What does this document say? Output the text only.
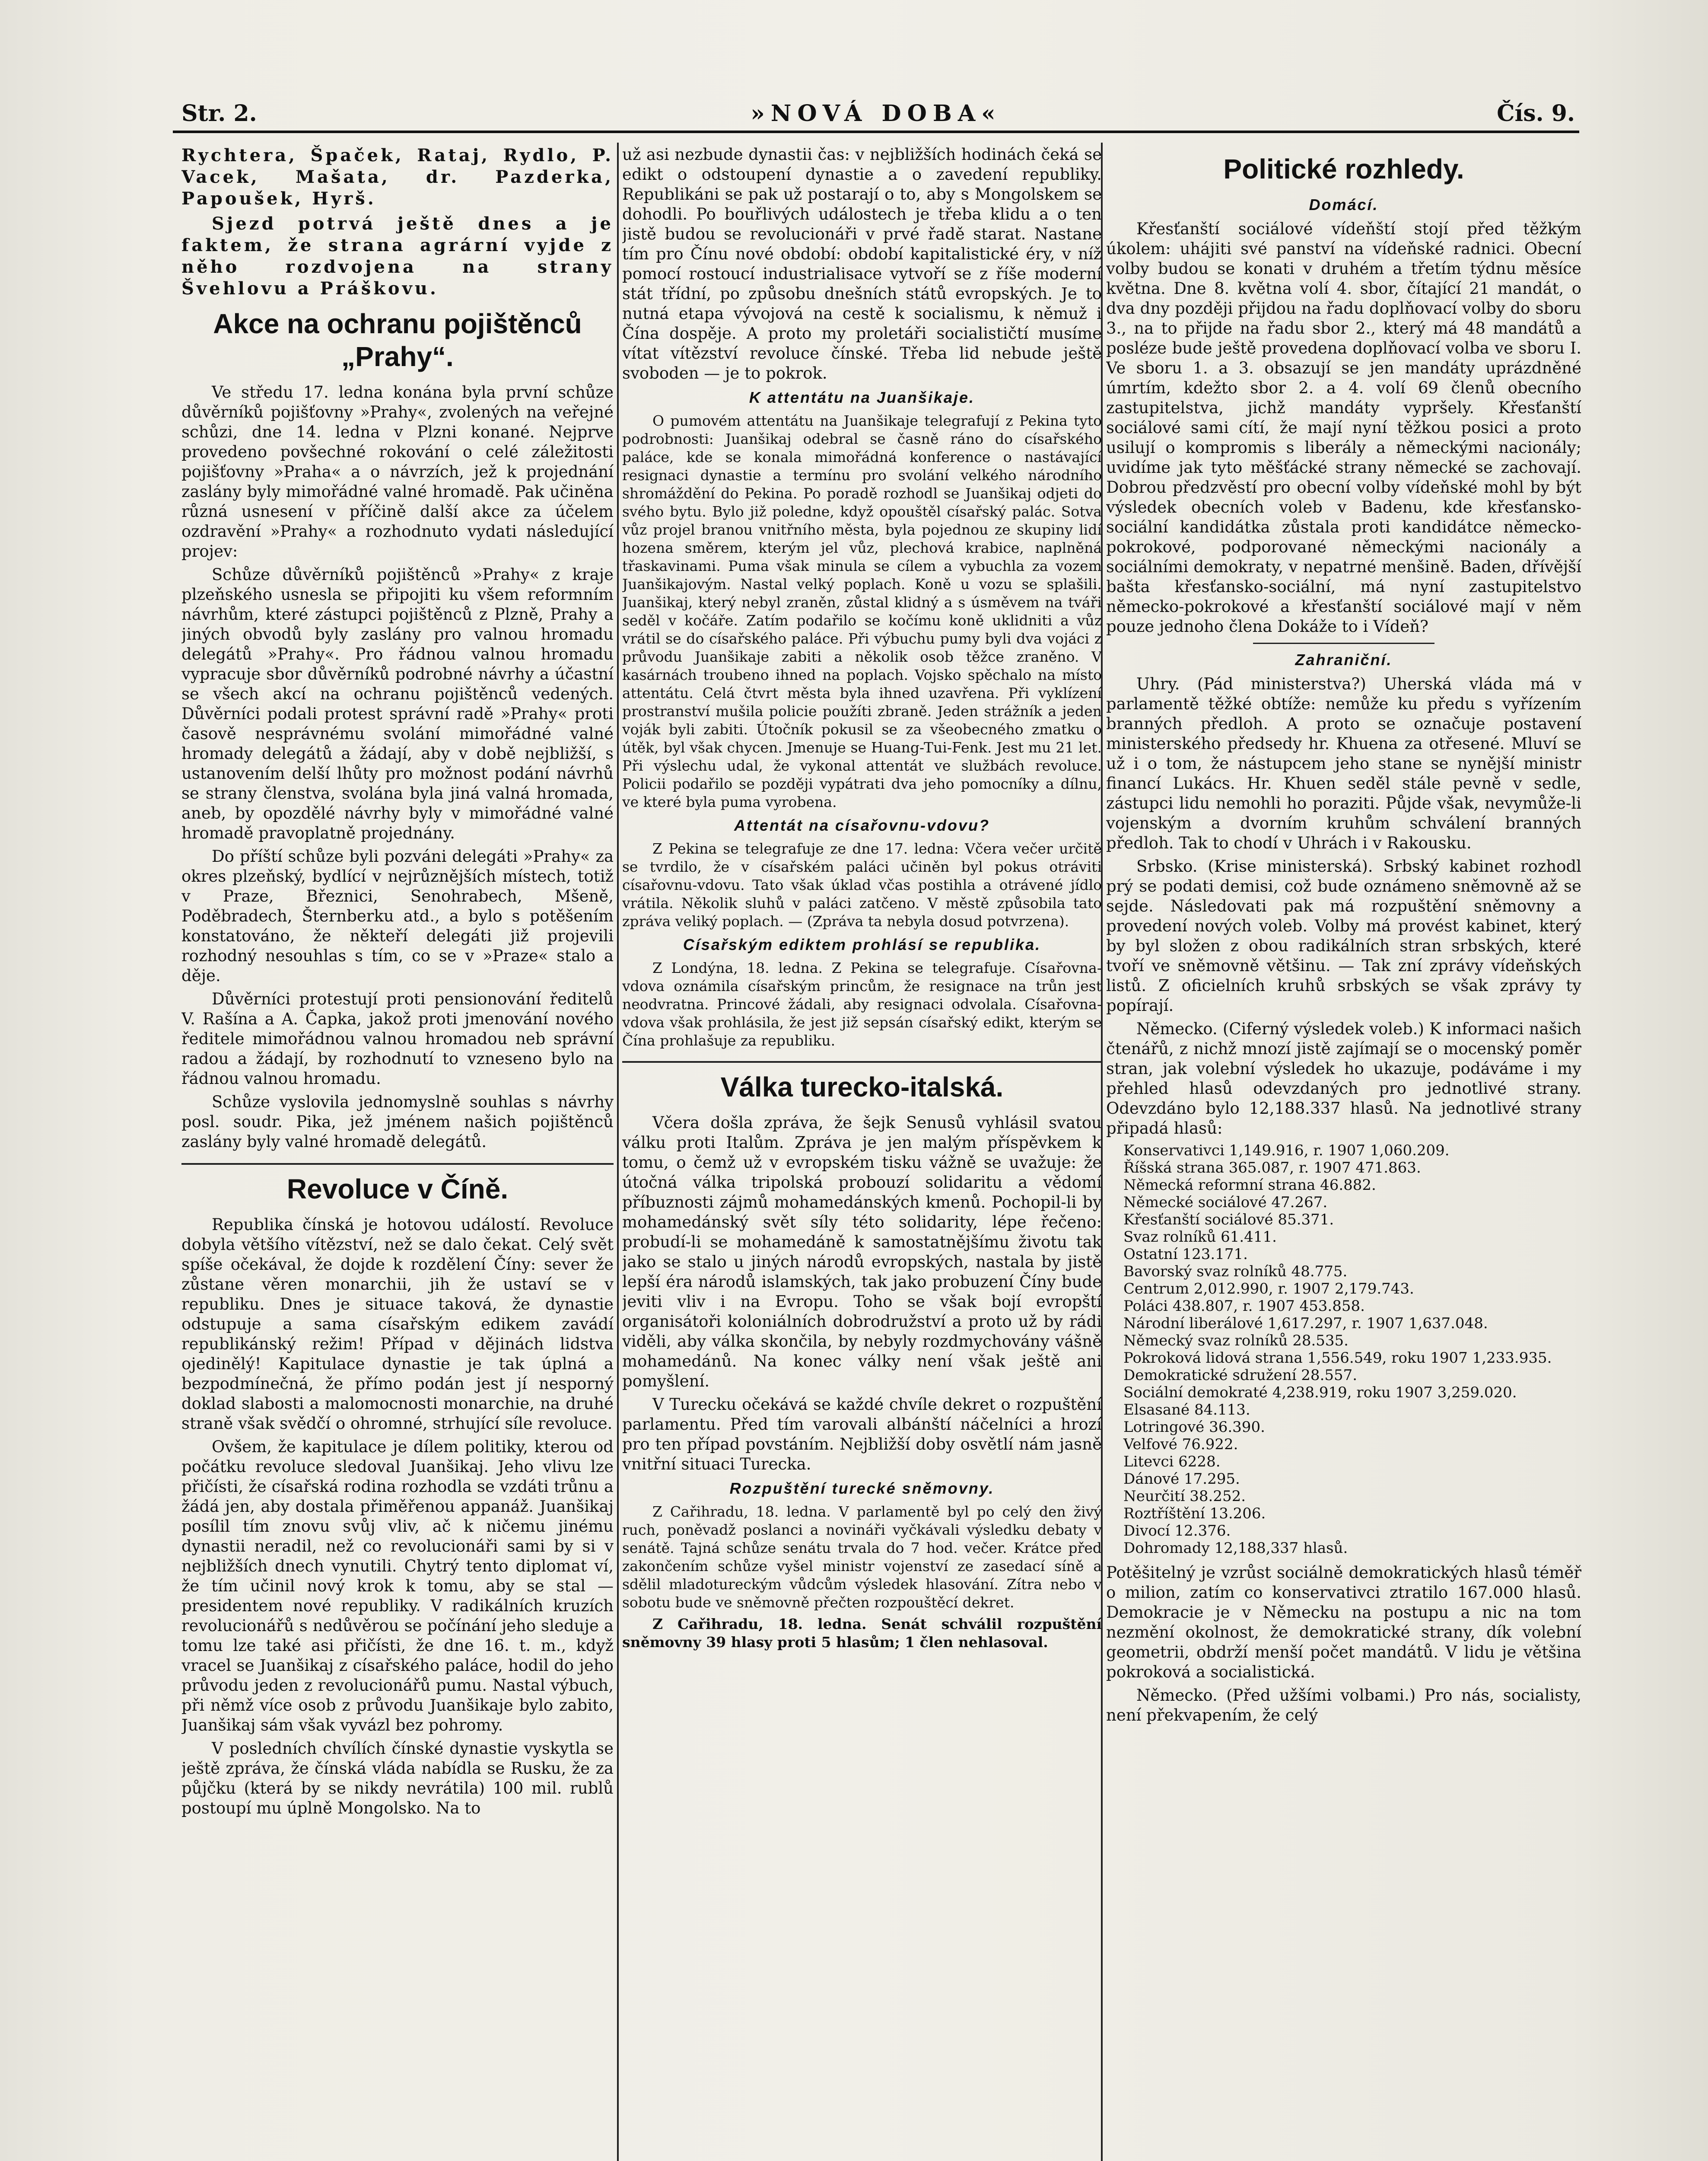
Str. 2.	»NOVÁ DOBA«	Čís. 9.

Rychtera, Špaček, Rataj, Rydlo, P. Vacek, Mašata, dr. Pazderka, Papoušek, Hyrš.

Sjezd potrvá ještě dnes a je faktem, že strana agrární vyjde z něho rozdvojena na strany Švehlovu a Práškovu.

Akce na ochranu pojištěnců „Prahy“.

Ve středu 17. ledna konána byla první schůze důvěrníků pojišťovny »Prahy«, zvolených na veřejné schůzi, dne 14. ledna v Plzni konané. Nejprve provedeno povšechné rokování o celé záležitosti pojišťovny »Praha« a o návrzích, jež k projednání zaslány byly mimořádné valné hromadě. Pak učiněna různá usnesení v příčině další akce za účelem ozdravění »Prahy« a rozhodnuto vydati následující projev:

Schůze důvěrníků pojištěnců »Prahy« z kraje plzeňského usnesla se připojiti ku všem reformním návrhům, které zástupci pojištěnců z Plzně, Prahy a jiných obvodů byly zaslány pro valnou hromadu delegátů »Prahy«. Pro řádnou valnou hromadu vypracuje sbor důvěrníků podrobné návrhy a účastní se všech akcí na ochranu pojištěnců vedených. Důvěrníci podali protest správní radě »Prahy« proti časově nesprávnému svolání mimořádné valné hromady delegátů a žádají, aby v době nejbližší, s ustanovením delší lhůty pro možnost podání návrhů se strany členstva, svolána byla jiná valná hromada, aneb, by opozdělé návrhy byly v mimořádné valné hromadě pravoplatně projednány.

Do příští schůze byli pozváni delegáti »Prahy« za okres plzeňský, bydlící v nejrůznějších místech, totiž v Praze, Březnici, Senohrabech, Mšeně, Poděbradech, Šternberku atd., a bylo s potěšením konstatováno, že někteří delegáti již projevili rozhodný nesouhlas s tím, co se v »Praze« stalo a děje.

Důvěrníci protestují proti pensionování ředitelů V. Rašína a A. Čapka, jakož proti jmenování nového ředitele mimořádnou valnou hromadou neb správní radou a žádají, by rozhodnutí to vzneseno bylo na řádnou valnou hromadu.

Schůze vyslovila jednomyslně souhlas s návrhy posl. soudr. Pika, jež jménem našich pojištěnců zaslány byly valné hromadě delegátů.

Revoluce v Číně.

Republika čínská je hotovou událostí. Revoluce dobyla většího vítězství, než se dalo čekat. Celý svět spíše očekával, že dojde k rozdělení Číny: sever že zůstane věren monarchii, jih že ustaví se v republiku. Dnes je situace taková, že dynastie odstupuje a sama císařským edikem zavádí republikánský režim! Případ v dějinách lidstva ojedinělý! Kapitulace dynastie je tak úplná a bezpodmínečná, že přímo podán jest jí nesporný doklad slabosti a malomocnosti monarchie, na druhé straně však svědčí o ohromné, strhující síle revoluce.

Ovšem, že kapitulace je dílem politiky, kterou od počátku revoluce sledoval Juanšikaj. Jeho vlivu lze přičísti, že císařská rodina rozhodla se vzdáti trůnu a žádá jen, aby dostala přiměřenou appanáž. Juanšikaj posílil tím znovu svůj vliv, ač k ničemu jinému dynastii neradil, než co revolucionáři sami by si v nejbližších dnech vynutili. Chytrý tento diplomat ví, že tím učinil nový krok k tomu, aby se stal — presidentem nové republiky. V radikálních kruzích revolucionářů s nedůvěrou se počínání jeho sleduje a tomu lze také asi přičísti, že dne 16. t. m., když vracel se Juanšikaj z císařského paláce, hodil do jeho průvodu jeden z revolucionářů pumu. Nastal výbuch, při němž více osob z průvodu Juanšikaje bylo zabito, Juanšikaj sám však vyvázl bez pohromy.

V posledních chvílích čínské dynastie vyskytla se ještě zpráva, že čínská vláda nabídla se Rusku, že za půjčku (která by se nikdy nevrátila) 100 mil. rublů postoupí mu úplně Mongolsko. Na to

už asi nezbude dynastii čas: v nejbližších hodinách čeká se edikt o odstoupení dynastie a o zavedení republiky. Republikáni se pak už postarají o to, aby s Mongolskem se dohodli. Po bouřlivých událostech je třeba klidu a o ten jistě budou se revolucionáři v prvé řadě starat. Nastane tím pro Čínu nové období: období kapitalistické éry, v níž pomocí rostoucí industrialisace vytvoří se z říše moderní stát třídní, po způsobu dnešních států evropských. Je to nutná etapa vývojová na cestě k socialismu, k němuž i Čína dospěje. A proto my proletáři socialističtí musíme vítat vítězství revoluce čínské. Třeba lid nebude ještě svoboden — je to pokrok.

K attentátu na Juanšikaje.

O pumovém attentátu na Juanšikaje telegrafují z Pekina tyto podrobnosti: Juanšikaj odebral se časně ráno do císařského paláce, kde se konala mimořádná konference o nastávající resignaci dynastie a termínu pro svolání velkého národního shromáždění do Pekina. Po poradě rozhodl se Juanšikaj odjeti do svého bytu. Bylo již poledne, když opouštěl císařský palác. Sotva vůz projel branou vnitřního města, byla pojednou ze skupiny lidí hozena směrem, kterým jel vůz, plechová krabice, naplněná třaskavinami. Puma však minula se cílem a vybuchla za vozem Juanšikajovým. Nastal velký poplach. Koně u vozu se splašili. Juanšikaj, který nebyl zraněn, zůstal klidný a s úsměvem na tváři seděl v kočáře. Zatím podařilo se kočímu koně uklidniti a vůz vrátil se do císařského paláce. Při výbuchu pumy byli dva vojáci z průvodu Juanšikaje zabiti a několik osob těžce zraněno. V kasárnách troubeno ihned na poplach. Vojsko spěchalo na místo attentátu. Celá čtvrt města byla ihned uzavřena. Při vyklízení prostranství mušila policie použíti zbraně. Jeden strážník a jeden voják byli zabiti. Útočník pokusil se za všeobecného zmatku o útěk, byl však chycen. Jmenuje se Huang-Tui-Fenk. Jest mu 21 let. Při výslechu udal, že vykonal attentát ve službách revoluce. Policii podařilo se později vypátrati dva jeho pomocníky a dílnu, ve které byla puma vyrobena.

Attentát na císařovnu-vdovu?

Z Pekina se telegrafuje ze dne 17. ledna: Včera večer určitě se tvrdilo, že v císařském paláci učiněn byl pokus otráviti císařovnu-vdovu. Tato však úklad včas postihla a otrávené jídlo vrátila. Několik sluhů v paláci zatčeno. V městě způsobila tato zpráva veliký poplach. — (Zpráva ta nebyla dosud potvrzena).

Císařským ediktem prohlásí se republika.

Z Londýna, 18. ledna. Z Pekina se telegrafuje. Císařovna-vdova oznámila císařským princům, že resignace na trůn jest neodvratna. Princové žádali, aby resignaci odvolala. Císařovna-vdova však prohlásila, že jest již sepsán císařský edikt, kterým se Čína prohlašuje za republiku.

Válka turecko-italská.

Včera došla zpráva, že šejk Senusů vyhlásil svatou válku proti Italům. Zpráva je jen malým příspěvkem k tomu, o čemž už v evropském tisku vážně se uvažuje: že útočná válka tripolská probouzí solidaritu a vědomí příbuznosti zájmů mohamedánských kmenů. Pochopil-li by mohamedánský svět síly této solidarity, lépe řečeno: probudí-li se mohamedáně k samostatnějšímu životu tak jako se stalo u jiných národů evropských, nastala by jistě lepší éra národů islamských, tak jako probuzení Číny bude jeviti vliv i na Evropu. Toho se však bojí evropští organisátoři koloniálních dobrodružství a proto už by rádi viděli, aby válka skončila, by nebyly rozdmychovány vášně mohamedánů. Na konec války není však ještě ani pomyšlení.

V Turecku očekává se každé chvíle dekret o rozpuštění parlamentu. Před tím varovali albánští náčelníci a hrozí pro ten případ povstáním. Nejbližší doby osvětlí nám jasně vnitřní situaci Turecka.

Rozpuštění turecké sněmovny.

Z Cařihradu, 18. ledna. V parlamentě byl po celý den živý ruch, poněvadž poslanci a novináři vyčkávali výsledku debaty v senátě. Tajná schůze senátu trvala do 7 hod. večer. Krátce před zakončením schůze vyšel ministr vojenství ze zasedací síně a sdělil mladotureckým vůdcům výsledek hlasování. Zítra nebo v sobotu bude ve sněmovně přečten rozpouštěcí dekret.

Z Cařihradu, 18. ledna. Senát schválil rozpuštění sněmovny 39 hlasy proti 5 hlasům; 1 člen nehlasoval.

Politické rozhledy.
Domácí.

Křesťanští sociálové vídeňští stojí před těžkým úkolem: uhájiti své panství na vídeňské radnici. Obecní volby budou se konati v druhém a třetím týdnu měsíce května. Dne 8. května volí 4. sbor, čítající 21 mandát, o dva dny později přijdou na řadu doplňovací volby do sboru 3., na to přijde na řadu sbor 2., který má 48 mandátů a posléze bude ještě provedena doplňovací volba ve sboru I. Ve sboru 1. a 3. obsazují se jen mandáty uprázdněné úmrtím, kdežto sbor 2. a 4. volí 69 členů obecního zastupitelstva, jichž mandáty vypršely. Křesťanští sociálové sami cítí, že mají nyní těžkou posici a proto usilují o kompromis s liberály a německými nacionály; uvidíme jak tyto měšťácké strany německé se zachovají. Dobrou předzvěstí pro obecní volby vídeňské mohl by být výsledek obecních voleb v Badenu, kde křesťansko-sociální kandidátka zůstala proti kandidátce německo-pokrokové, podporované německými nacionály a sociálními demokraty, v nepatrné menšině. Baden, dřívější bašta křesťansko-sociální, má nyní zastupitelstvo německo-pokrokové a křesťanští sociálové mají v něm pouze jednoho člena Dokáže to i Vídeň?

Zahraniční.

Uhry. (Pád ministerstva?) Uherská vláda má v parlamentě těžké obtíže: nemůže ku předu s vyřízením branných předloh. A proto se označuje postavení ministerského předsedy hr. Khuena za otřesené. Mluví se už i o tom, že nástupcem jeho stane se nynější ministr financí Lukács. Hr. Khuen seděl stále pevně v sedle, zástupci lidu nemohli ho poraziti. Půjde však, nevymůže-li vojenským a dvorním kruhům schválení branných předloh. Tak to chodí v Uhrách i v Rakousku.

Srbsko. (Krise ministerská). Srbský kabinet rozhodl prý se podati demisi, což bude oznámeno sněmovně až se sejde. Následovati pak má rozpuštění sněmovny a provedení nových voleb. Volby má provést kabinet, který by byl složen z obou radikálních stran srbských, které tvoří ve sněmovně většinu. — Tak zní zprávy vídeňských listů. Z oficielních kruhů srbských se však zprávy ty popírají.

Německo. (Ciferný výsledek voleb.) K informaci našich čtenářů, z nichž mnozí jistě zajímají se o mocenský poměr stran, jak volební výsledek ho ukazuje, podáváme i my přehled hlasů odevzdaných pro jednotlivé strany. Odevzdáno bylo 12,188.337 hlasů. Na jednotlivé strany připadá hlasů:

Konservativci 1,149.916, r. 1907 1,060.209.
Říšská strana 365.087, r. 1907 471.863.
Německá reformní strana 46.882.
Německé sociálové 47.267.
Křesťanští sociálové 85.371.
Svaz rolníků 61.411.
Ostatní 123.171.
Bavorský svaz rolníků 48.775.
Centrum 2,012.990, r. 1907 2,179.743.
Poláci 438.807, r. 1907 453.858.
Národní liberálové 1,617.297, r. 1907 1,637.048.
Německý svaz rolníků 28.535.
Pokroková lidová strana 1,556.549, roku 1907 1,233.935.
Demokratické sdružení 28.557.
Sociální demokraté 4,238.919, roku 1907 3,259.020.
Elsasané 84.113.
Lotringové 36.390.
Velfové 76.922.
Litevci 6228.
Dánové 17.295.
Neurčití 38.252.
Roztříštění 13.206.
Divocí 12.376.
Dohromady 12,188,337 hlasů.

Potěšitelný je vzrůst sociálně demokratických hlasů téměř o milion, zatím co konservativci ztratilo 167.000 hlasů. Demokracie je v Německu na postupu a nic na tom nezmění okolnost, že demokratické strany, dík volební geometrii, obdrží menší počet mandátů. V lidu je většina pokroková a socialistická.

Německo. (Před užšími volbami.) Pro nás, socialisty, není překvapením, že celý
